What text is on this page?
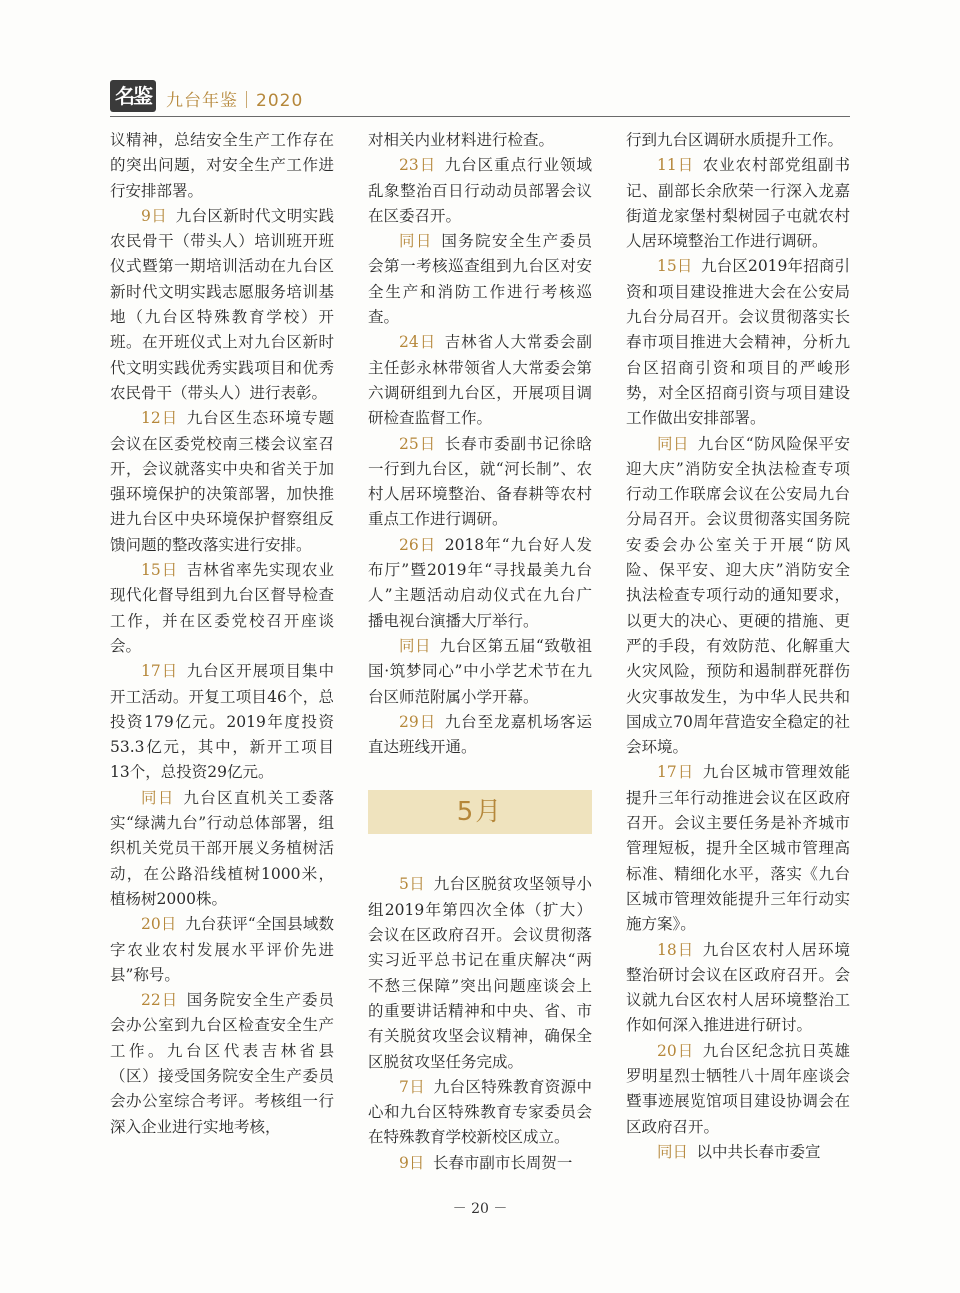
名鉴 九台年鉴｜2020

议精神，总结安全生产工作存在的突出问题，对安全生产工作进行安排部署。

9日 九台区新时代文明实践农民骨干（带头人）培训班开班仪式暨第一期培训活动在九台区新时代文明实践志愿服务培训基地（九台区特殊教育学校）开班。在开班仪式上对九台区新时代文明实践优秀实践项目和优秀农民骨干（带头人）进行表彰。

12日 九台区生态环境专题会议在区委党校南三楼会议室召开，会议就落实中央和省关于加强环境保护的决策部署，加快推进九台区中央环境保护督察组反馈问题的整改落实进行安排。

15日 吉林省率先实现农业现代化督导组到九台区督导检查工作，并在区委党校召开座谈会。

17日 九台区开展项目集中开工活动。开复工项目46个，总投资179亿元。2019年度投资53.3亿元，其中，新开工项目13个，总投资29亿元。

同日 九台区直机关工委落实“绿满九台”行动总体部署，组织机关党员干部开展义务植树活动，在公路沿线植树1000米，植杨树2000株。

20日 九台获评“全国县域数字农业农村发展水平评价先进县”称号。

22日 国务院安全生产委员会办公室到九台区检查安全生产工作。九台区代表吉林省县（区）接受国务院安全生产委员会办公室综合考评。考核组一行深入企业进行实地考核，

对相关内业材料进行检查。

23日 九台区重点行业领域乱象整治百日行动动员部署会议在区委召开。

同日 国务院安全生产委员会第一考核巡查组到九台区对安全生产和消防工作进行考核巡查。

24日 吉林省人大常委会副主任彭永林带领省人大常委会第六调研组到九台区，开展项目调研检查监督工作。

25日 长春市委副书记徐晗一行到九台区，就“河长制”、农村人居环境整治、备春耕等农村重点工作进行调研。

26日 2018年“九台好人发布厅”暨2019年“寻找最美九台人”主题活动启动仪式在九台广播电视台演播大厅举行。

同日 九台区第五届“致敬祖国·筑梦同心”中小学艺术节在九台区师范附属小学开幕。

29日 九台至龙嘉机场客运直达班线开通。

5月

5日 九台区脱贫攻坚领导小组2019年第四次全体（扩大）会议在区政府召开。会议贯彻落实习近平总书记在重庆解决“两不愁三保障”突出问题座谈会上的重要讲话精神和中央、省、市有关脱贫攻坚会议精神，确保全区脱贫攻坚任务完成。

7日 九台区特殊教育资源中心和九台区特殊教育专家委员会在特殊教育学校新校区成立。

9日 长春市副市长周贺一

行到九台区调研水质提升工作。

11日 农业农村部党组副书记、副部长余欣荣一行深入龙嘉街道龙家堡村梨树园子屯就农村人居环境整治工作进行调研。

15日 九台区2019年招商引资和项目建设推进大会在公安局九台分局召开。会议贯彻落实长春市项目推进大会精神，分析九台区招商引资和项目的严峻形势，对全区招商引资与项目建设工作做出安排部署。

同日 九台区“防风险保平安迎大庆”消防安全执法检查专项行动工作联席会议在公安局九台分局召开。会议贯彻落实国务院安委会办公室关于开展“防风险、保平安、迎大庆”消防安全执法检查专项行动的通知要求，以更大的决心、更硬的措施、更严的手段，有效防范、化解重大火灾风险，预防和遏制群死群伤火灾事故发生，为中华人民共和国成立70周年营造安全稳定的社会环境。

17日 九台区城市管理效能提升三年行动推进会议在区政府召开。会议主要任务是补齐城市管理短板，提升全区城市管理高标准、精细化水平，落实《九台区城市管理效能提升三年行动实施方案》。

18日 九台区农村人居环境整治研讨会议在区政府召开。会议就九台区农村人居环境整治工作如何深入推进进行研讨。

20日 九台区纪念抗日英雄罗明星烈士牺牲八十周年座谈会暨事迹展览馆项目建设协调会在区政府召开。

同日 以中共长春市委宣

－ 20 －
